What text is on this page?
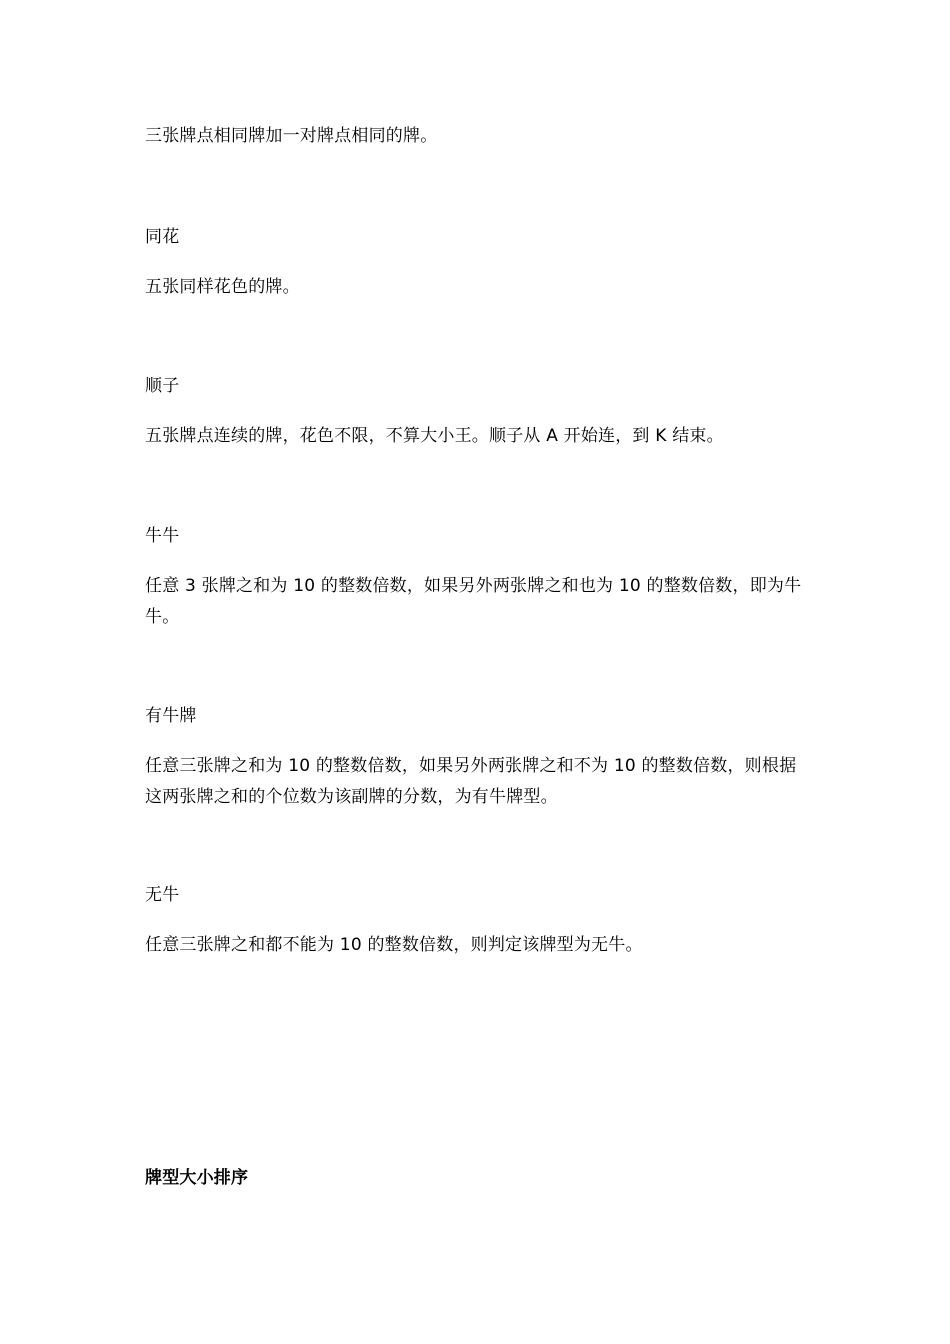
三张牌点相同牌加一对牌点相同的牌。

同花

五张同样花色的牌。

顺子

五张牌点连续的牌，花色不限，不算大小王。顺子从 A 开始连，到 K 结束。

牛牛

任意 3 张牌之和为 10 的整数倍数，如果另外两张牌之和也为 10 的整数倍数，即为牛牛。

有牛牌

任意三张牌之和为 10 的整数倍数，如果另外两张牌之和不为 10 的整数倍数，则根据这两张牌之和的个位数为该副牌的分数，为有牛牌型。

无牛

任意三张牌之和都不能为 10 的整数倍数，则判定该牌型为无牛。

牌型大小排序
